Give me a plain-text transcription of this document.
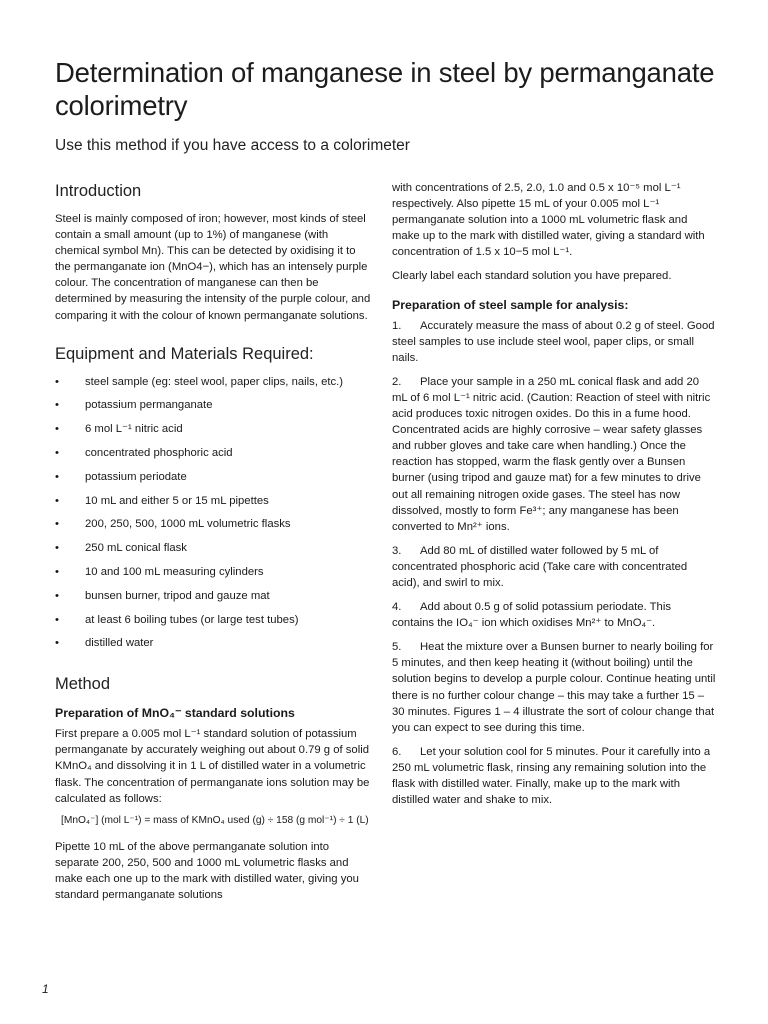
Determination of manganese in steel by permanganate colorimetry
Use this method if you have access to a colorimeter
Introduction

Steel is mainly composed of iron; however, most kinds of steel contain a small amount (up to 1%) of manganese (with chemical symbol Mn). This can be detected by oxidising it to the permanganate ion (MnO4−), which has an intensely purple colour. The concentration of manganese can then be determined by measuring the intensity of the purple colour, and comparing it with the colour of known permanganate solutions.

Equipment and Materials Required:
• steel sample (eg: steel wool, paper clips, nails, etc.)
• potassium permanganate
• 6 mol L⁻¹ nitric acid
• concentrated phosphoric acid
• potassium periodate
• 10 mL and either 5 or 15 mL pipettes
• 200, 250, 500, 1000 mL volumetric flasks
• 250 mL conical flask
• 10 and 100 mL measuring cylinders
• bunsen burner, tripod and gauze mat
• at least 6 boiling tubes (or large test tubes)
• distilled water
Method
Preparation of MnO₄⁻ standard solutions

First prepare a 0.005 mol L⁻¹ standard solution of potassium permanganate by accurately weighing out about 0.79 g of solid KMnO₄ and dissolving it in 1 L of distilled water in a volumetric flask. The concentration of permanganate ions solution may be calculated as follows:

[MnO₄⁻] (mol L⁻¹) = mass of KMnO₄ used (g) ÷ 158 (g mol⁻¹) ÷ 1 (L)

Pipette 10 mL of the above permanganate solution into separate 200, 250, 500 and 1000 mL volumetric flasks and make each one up to the mark with distilled water, giving you standard permanganate solutions

with concentrations of 2.5, 2.0, 1.0 and 0.5 x 10⁻⁵ mol L⁻¹ respectively. Also pipette 15 mL of your 0.005 mol L⁻¹ permanganate solution into a 1000 mL volumetric flask and make up to the mark with distilled water, giving a standard with concentration of 1.5 x 10−5 mol L⁻¹.

Clearly label each standard solution you have prepared.

Preparation of steel sample for analysis:
1. Accurately measure the mass of about 0.2 g of steel. Good steel samples to use include steel wool, paper clips, or small nails.
2. Place your sample in a 250 mL conical flask and add 20 mL of 6 mol L⁻¹ nitric acid. (Caution: Reaction of steel with nitric acid produces toxic nitrogen oxides. Do this in a fume hood. Concentrated acids are highly corrosive – wear safety glasses and rubber gloves and take care when handling.) Once the reaction has stopped, warm the flask gently over a Bunsen burner (using tripod and gauze mat) for a few minutes to drive out all remaining nitrogen oxide gases. The steel has now dissolved, mostly to form Fe³⁺; any manganese has been converted to Mn²⁺ ions.
3. Add 80 mL of distilled water followed by 5 mL of concentrated phosphoric acid (Take care with concentrated acid), and swirl to mix.
4. Add about 0.5 g of solid potassium periodate. This contains the IO₄⁻ ion which oxidises Mn²⁺ to MnO₄⁻.
5. Heat the mixture over a Bunsen burner to nearly boiling for 5 minutes, and then keep heating it (without boiling) until the solution begins to develop a purple colour. Continue heating until there is no further colour change – this may take a further 15 – 30 minutes. Figures 1 – 4 illustrate the sort of colour change that you can expect to see during this time.
6. Let your solution cool for 5 minutes. Pour it carefully into a 250 mL volumetric flask, rinsing any remaining solution into the flask with distilled water. Finally, make up to the mark with distilled water and shake to mix.
1
